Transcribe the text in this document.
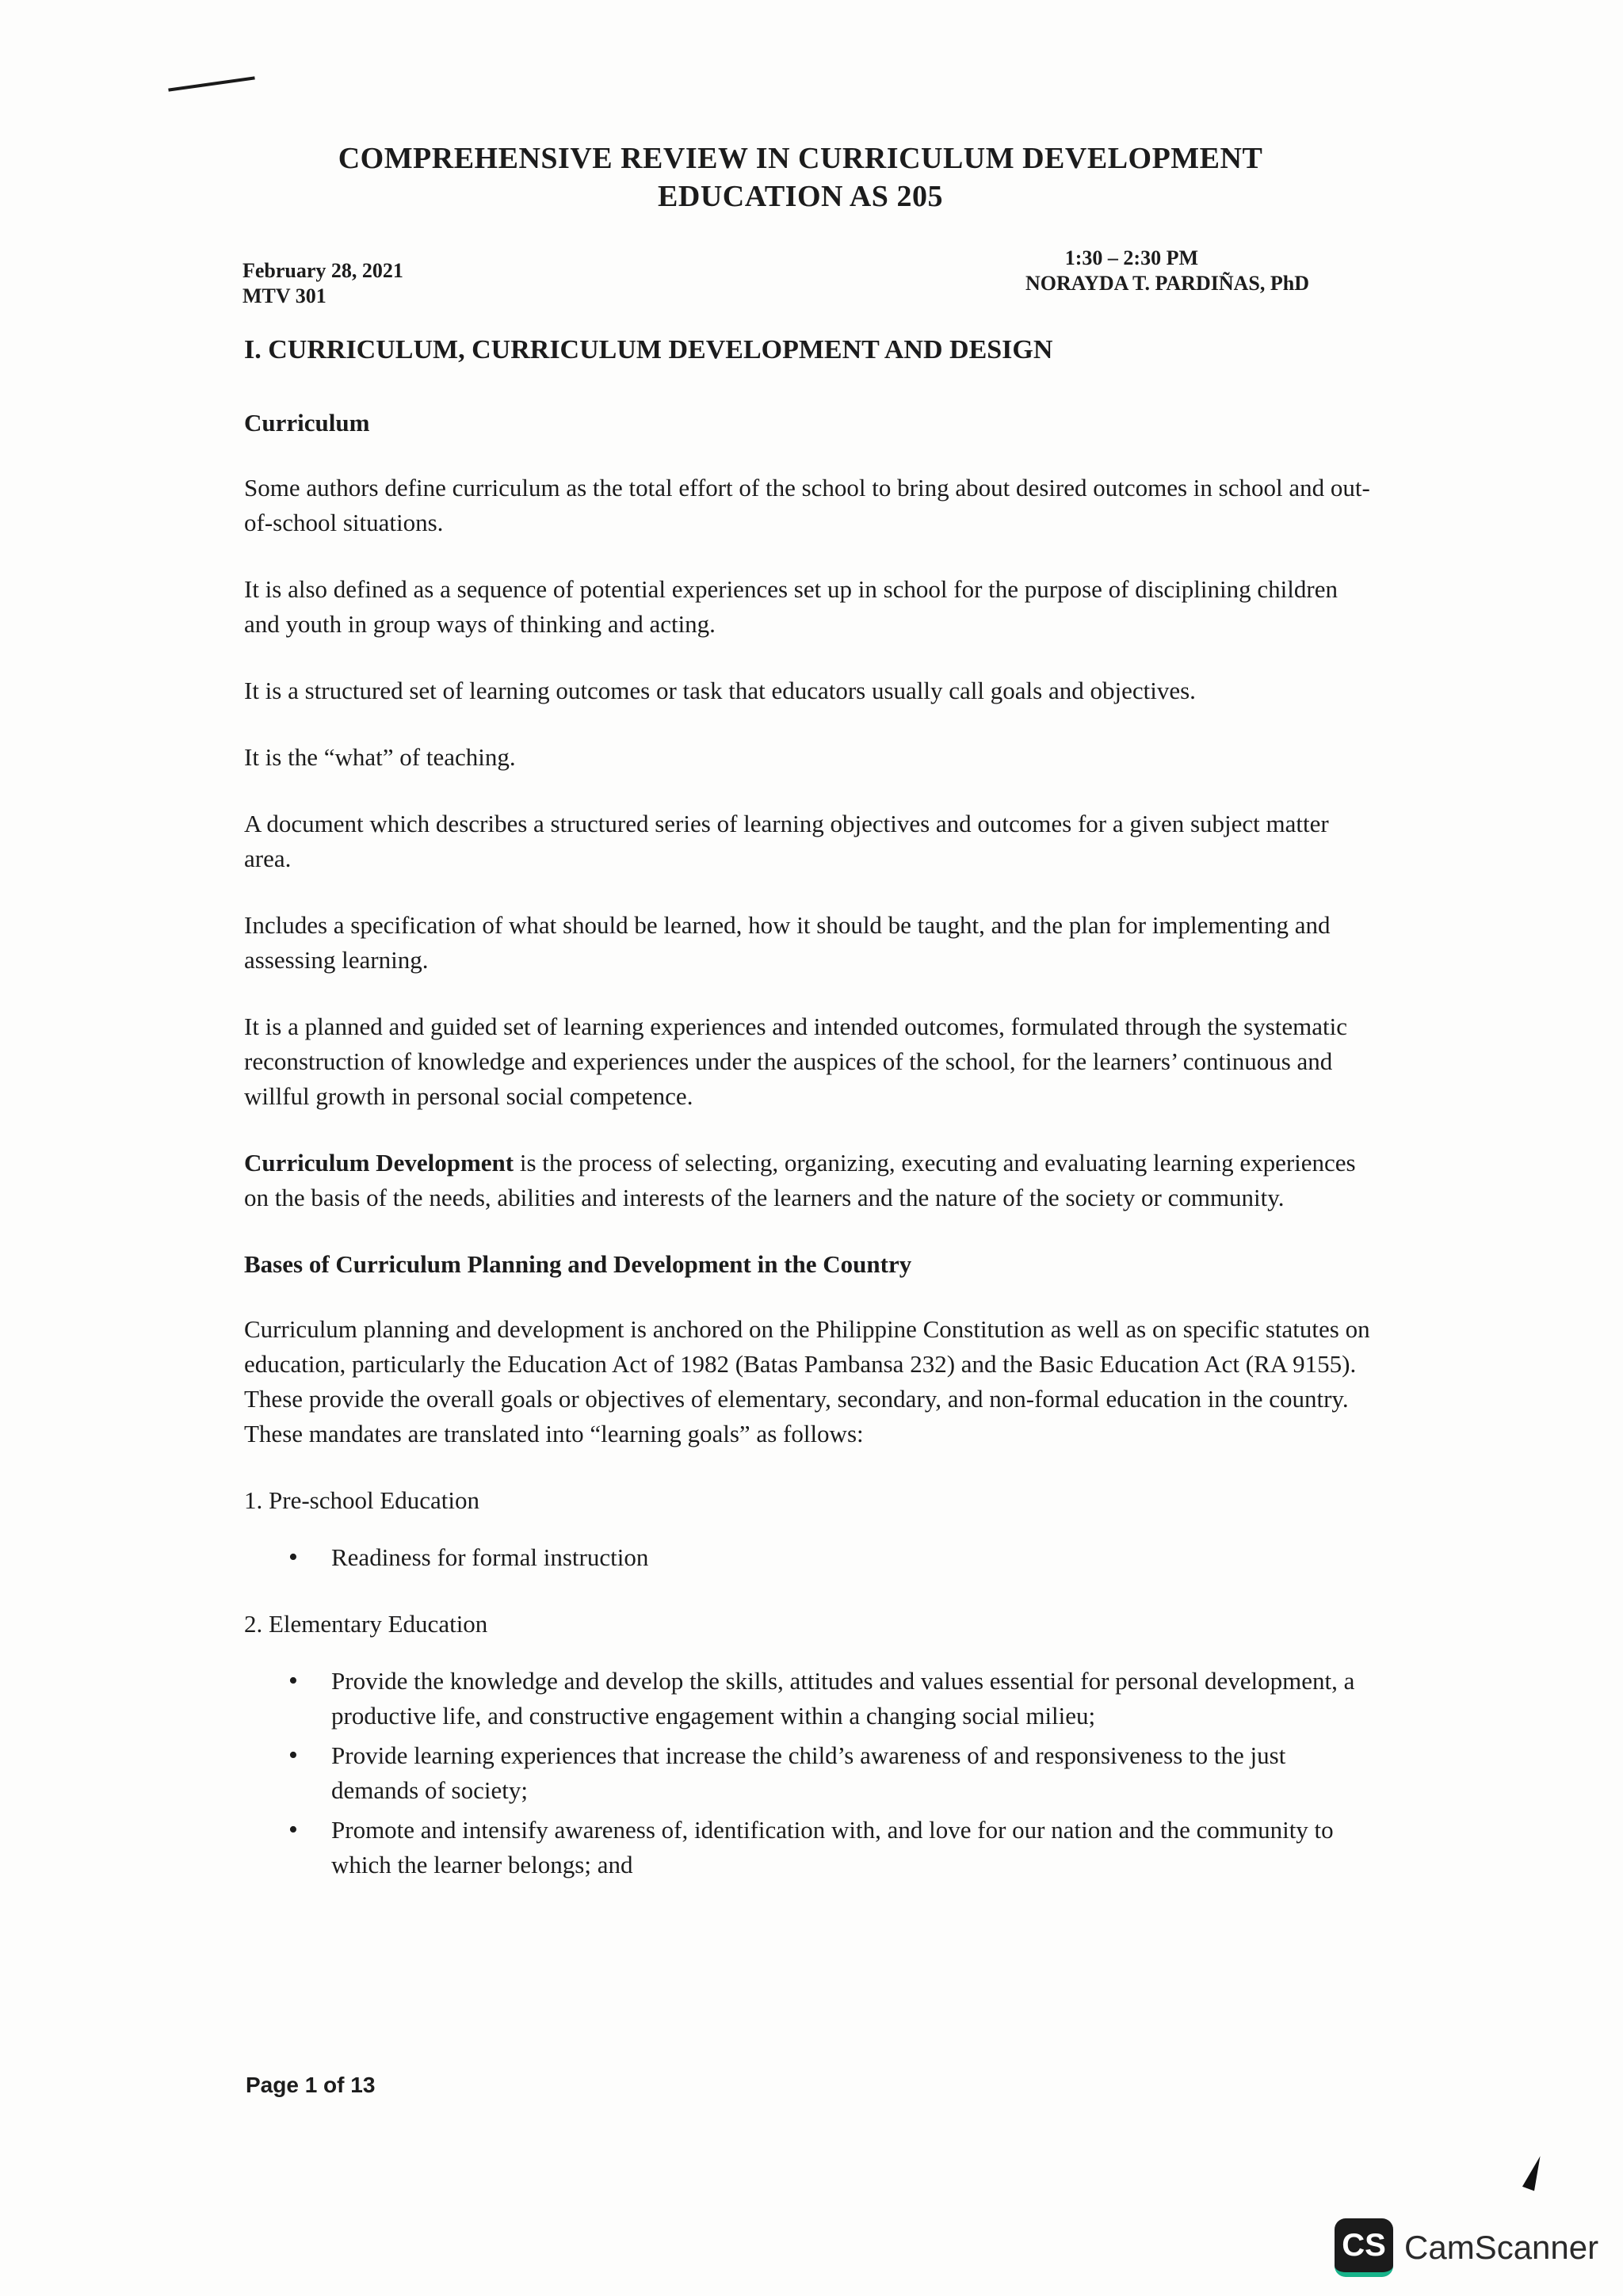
COMPREHENSIVE REVIEW IN CURRICULUM DEVELOPMENT
EDUCATION AS 205
February 28, 2021
MTV 301
1:30 – 2:30 PM
NORAYDA T. PARDIÑAS, PhD
I. CURRICULUM, CURRICULUM DEVELOPMENT AND DESIGN
Curriculum

Some authors define curriculum as the total effort of the school to bring about desired outcomes in school and out-of-school situations.

It is also defined as a sequence of potential experiences set up in school for the purpose of disciplining children and youth in group ways of thinking and acting.

It is a structured set of learning outcomes or task that educators usually call goals and objectives.

It is the “what” of teaching.

A document which describes a structured series of learning objectives and outcomes for a given subject matter area.

Includes a specification of what should be learned, how it should be taught, and the plan for implementing and assessing learning.

It is a planned and guided set of learning experiences and intended outcomes, formulated through the systematic reconstruction of knowledge and experiences under the auspices of the school, for the learners’ continuous and willful growth in personal social competence.

Curriculum Development is the process of selecting, organizing, executing and evaluating learning experiences on the basis of the needs, abilities and interests of the learners and the nature of the society or community.

Bases of Curriculum Planning and Development in the Country

Curriculum planning and development is anchored on the Philippine Constitution as well as on specific statutes on education, particularly the Education Act of 1982 (Batas Pambansa 232) and the Basic Education Act (RA 9155). These provide the overall goals or objectives of elementary, secondary, and non-formal education in the country. These mandates are translated into “learning goals” as follows:

1. Pre-school Education
• Readiness for formal instruction
2. Elementary Education
• Provide the knowledge and develop the skills, attitudes and values essential for personal development, a productive life, and constructive engagement within a changing social milieu;
• Provide learning experiences that increase the child’s awareness of and responsiveness to the just demands of society;
• Promote and intensify awareness of, identification with, and love for our nation and the community to which the learner belongs; and
Page 1 of 13
CS CamScanner
